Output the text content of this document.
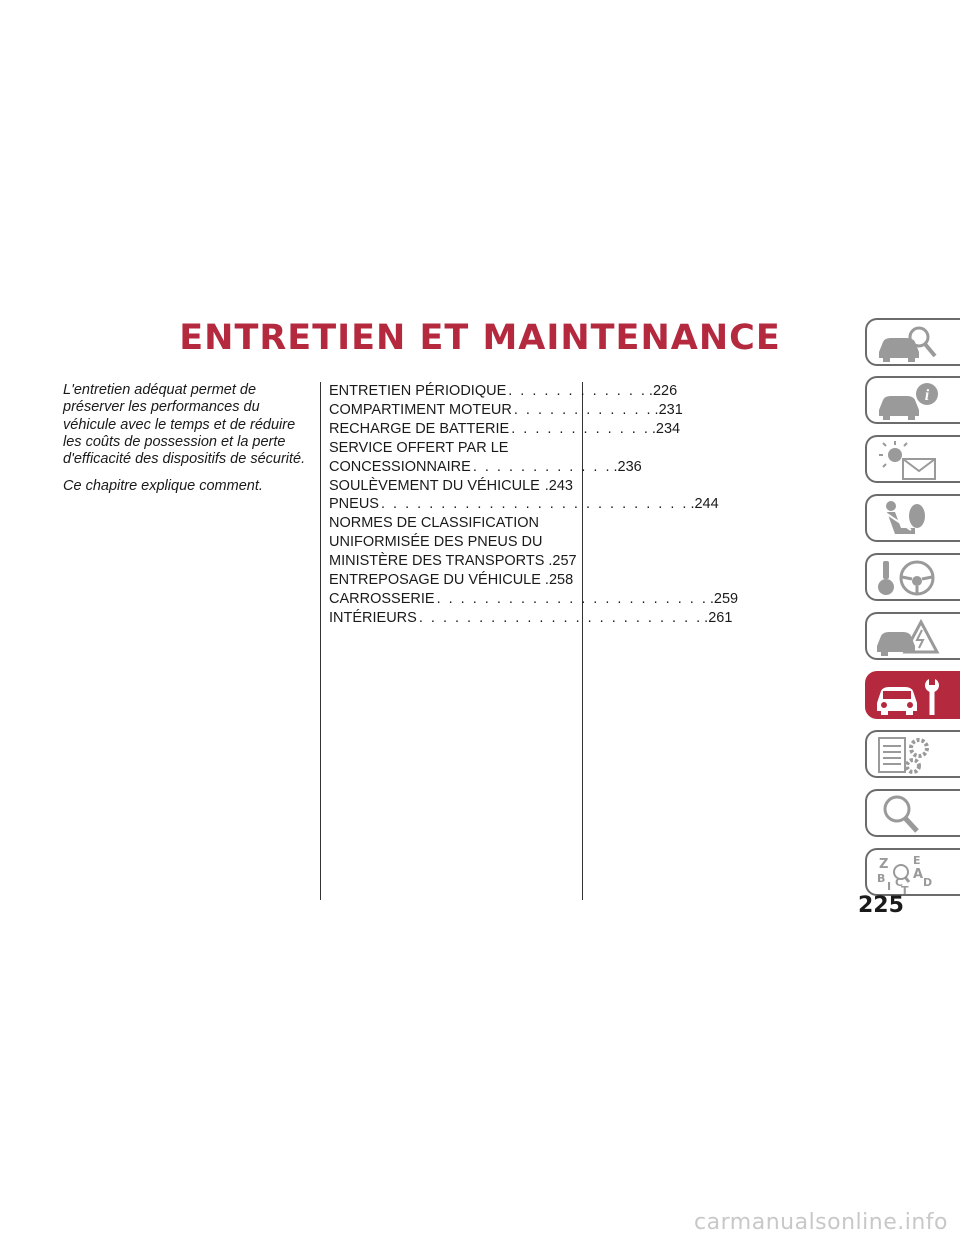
ENTRETIEN ET MAINTENANCE

L'entretien adéquat permet de préserver les performances du véhicule avec le temps et de réduire les coûts de possession et la perte d'efficacité des dispositifs de sécurité.

Ce chapitre explique comment.

ENTRETIEN PÉRIODIQUE . . . . . . . . . . . . .226
COMPARTIMENT MOTEUR . . . . . . . . . . . . .231
RECHARGE DE BATTERIE . . . . . . . . . . . . .234
SERVICE OFFERT PAR LE
CONCESSIONNAIRE . . . . . . . . . . . . .236
SOULÈVEMENT DU VÉHICULE .243
PNEUS . . . . . . . . . . . . . . . . . . . . . . . . . . .244
NORMES DE CLASSIFICATION
UNIFORMISÉE DES PNEUS DU
MINISTÈRE DES TRANSPORTS .257
ENTREPOSAGE DU VÉHICULE .258
CARROSSERIE . . . . . . . . . . . . . . . . . . . . . . . .259
INTÉRIEURS . . . . . . . . . . . . . . . . . . . . . . . . .261
i
Z E
A
B	D
I C
T
225
carmanualsonline.info
